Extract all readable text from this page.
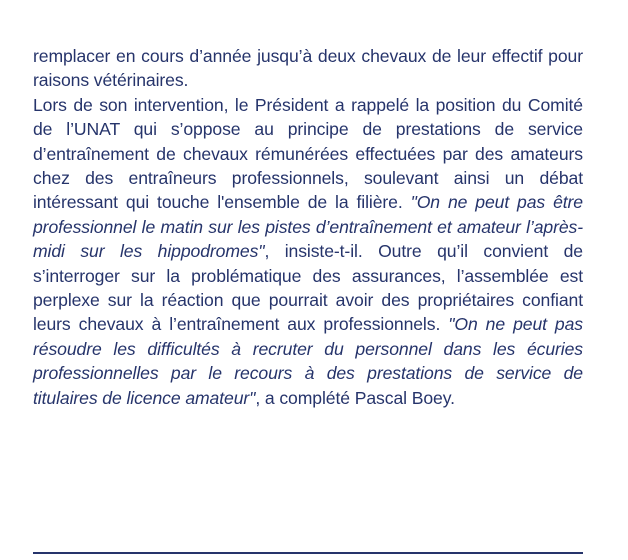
remplacer en cours d’année jusqu’à deux chevaux de leur effectif pour raisons vétérinaires.

Lors de son intervention, le Président a rappelé la position du Comité de l’UNAT qui s’oppose au principe de prestations de service d’entraînement de chevaux rémunérées effectuées par des amateurs chez des entraîneurs professionnels, soulevant ainsi un débat intéressant qui touche l'ensemble de la filière. "On ne peut pas être professionnel le matin sur les pistes d’entraînement et amateur l’après-midi sur les hippodromes", insiste-t-il. Outre qu’il convient de s’interroger sur la problématique des assurances, l’assemblée est perplexe sur la réaction que pourrait avoir des propriétaires confiant leurs chevaux à l’entraînement aux professionnels. "On ne peut pas résoudre les difficultés à recruter du personnel dans les écuries professionnelles par le recours à des prestations de service de titulaires de licence amateur", a complété Pascal Boey.
